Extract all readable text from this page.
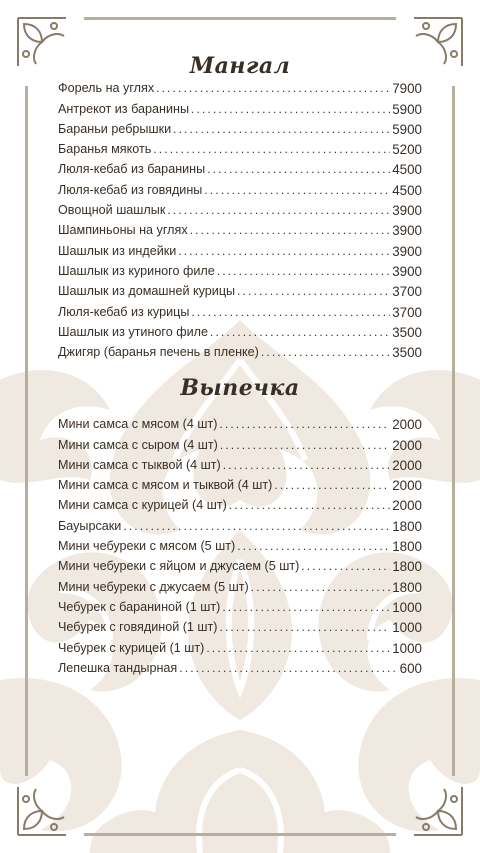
Мангал
Форель на углях . . .	7900
Антрекот из баранины . . .	5900
Бараньи ребрышки . . .	5900
Баранья мякоть . . .	5200
Люля-кебаб из баранины . . .	4500
Люля-кебаб из говядины . . .	4500
Овощной шашлык . . .	3900
Шампиньоны на углях . . .	3900
Шашлык из индейки . . .	3900
Шашлык из куриного филе . . .	3900
Шашлык из домашней курицы . . .	3700
Люля-кебаб из курицы . . .	3700
Шашлык из утиного филе . . .	3500
Джигяр (баранья печень в пленке) . . .	3500
Выпечка
Мини самса с мясом (4 шт) . . .	2000
Мини самса с сыром (4 шт) . . .	2000
Мини самса с тыквой (4 шт) . . .	2000
Мини самса с мясом и тыквой (4 шт) . . .	2000
Мини самса с курицей (4 шт) . . .	2000
Бауырсаки . . .	1800
Мини чебуреки с мясом (5 шт) . . .	1800
Мини чебуреки с яйцом и джусаем (5 шт) . . .	1800
Мини чебуреки с джусаем (5 шт) . . .	1800
Чебурек с бараниной (1 шт) . . .	1000
Чебурек с говядиной (1 шт) . . .	1000
Чебурек с курицей (1 шт) . . .	1000
Лепешка тандырная . . .	600
